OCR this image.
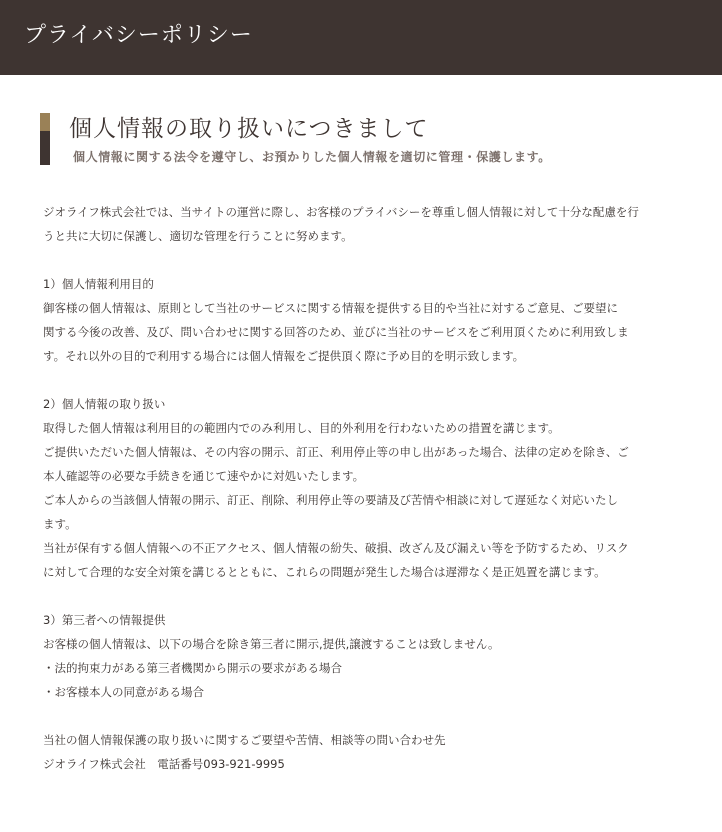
プライバシーポリシー
個人情報の取り扱いにつきまして
個人情報に関する法令を遵守し、お預かりした個人情報を適切に管理・保護します。
ジオライフ株式会社では、当サイトの運営に際し、お客様のプライバシーを尊重し個人情報に対して十分な配慮を行
うと共に大切に保護し、適切な管理を行うことに努めます。
1）個人情報利用目的
御客様の個人情報は、原則として当社のサービスに関する情報を提供する目的や当社に対するご意見、ご要望に
関する今後の改善、及び、問い合わせに関する回答のため、並びに当社のサービスをご利用頂くために利用致しま
す。それ以外の目的で利用する場合には個人情報をご提供頂く際に予め目的を明示致します。
2）個人情報の取り扱い
取得した個人情報は利用目的の範囲内でのみ利用し、目的外利用を行わないための措置を講じます。
ご提供いただいた個人情報は、その内容の開示、訂正、利用停止等の申し出があった場合、法律の定めを除き、ご
本人確認等の必要な手続きを通じて速やかに対処いたします。
ご本人からの当該個人情報の開示、訂正、削除、利用停止等の要請及び苦情や相談に対して遅延なく対応いたし
ます。
当社が保有する個人情報への不正アクセス、個人情報の紛失、破損、改ざん及び漏えい等を予防するため、リスク
に対して合理的な安全対策を講じるとともに、これらの問題が発生した場合は遅滞なく是正処置を講じます。
3）第三者への情報提供
お客様の個人情報は、以下の場合を除き第三者に開示,提供,譲渡することは致しません。
・法的拘束力がある第三者機関から開示の要求がある場合
・お客様本人の同意がある場合
当社の個人情報保護の取り扱いに関するご要望や苦情、相談等の問い合わせ先
ジオライフ株式会社　電話番号093-921-9995
